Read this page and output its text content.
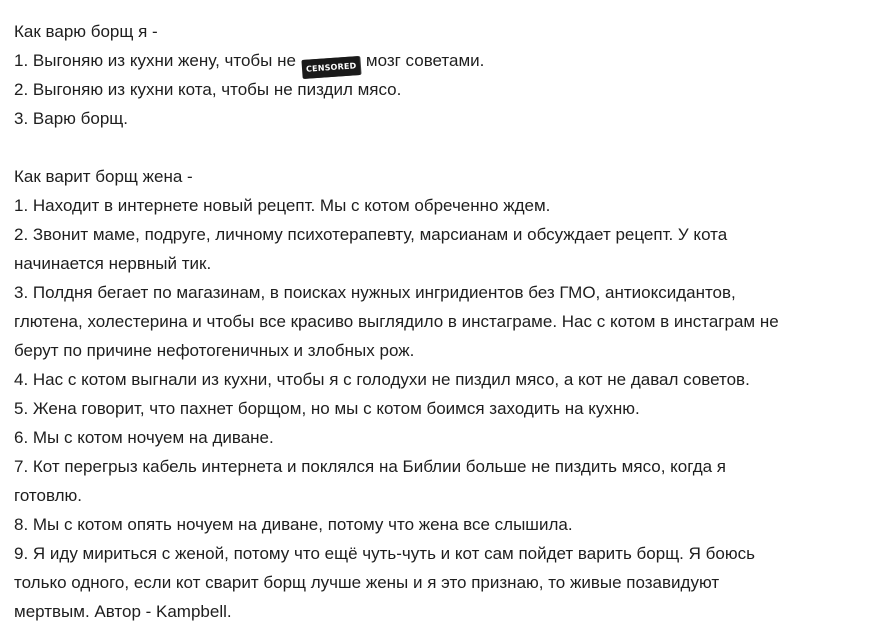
Как варю борщ я -
1. Выгоняю из кухни жену, чтобы не CENSORED мозг советами.
2. Выгоняю из кухни кота, чтобы не пиздил мясо.
3. Варю борщ.
Как варит борщ жена -
1. Находит в интернете новый рецепт. Мы с котом обреченно ждем.
2. Звонит маме, подруге, личному психотерапевту, марсианам и обсуждает рецепт. У кота
начинается нервный тик.
3. Полдня бегает по магазинам, в поисках нужных ингридиентов без ГМО, антиоксидантов,
глютена, холестерина и чтобы все красиво выглядило в инстаграме. Нас с котом в инстаграм не
берут по причине нефотогеничных и злобных рож.
4. Нас с котом выгнали из кухни, чтобы я с голодухи не пиздил мясо, а кот не давал советов.
5. Жена говорит, что пахнет борщом, но мы с котом боимся заходить на кухню.
6. Мы с котом ночуем на диване.
7. Кот перегрыз кабель интернета и поклялся на Библии больше не пиздить мясо, когда я
готовлю.
8. Мы с котом опять ночуем на диване, потому что жена все слышила.
9. Я иду мириться с женой, потому что ещё чуть-чуть и кот сам пойдет варить борщ. Я боюсь
только одного, если кот сварит борщ лучше жены и я это признаю, то живые позавидуют
мертвым. Автор - Kampbell.
